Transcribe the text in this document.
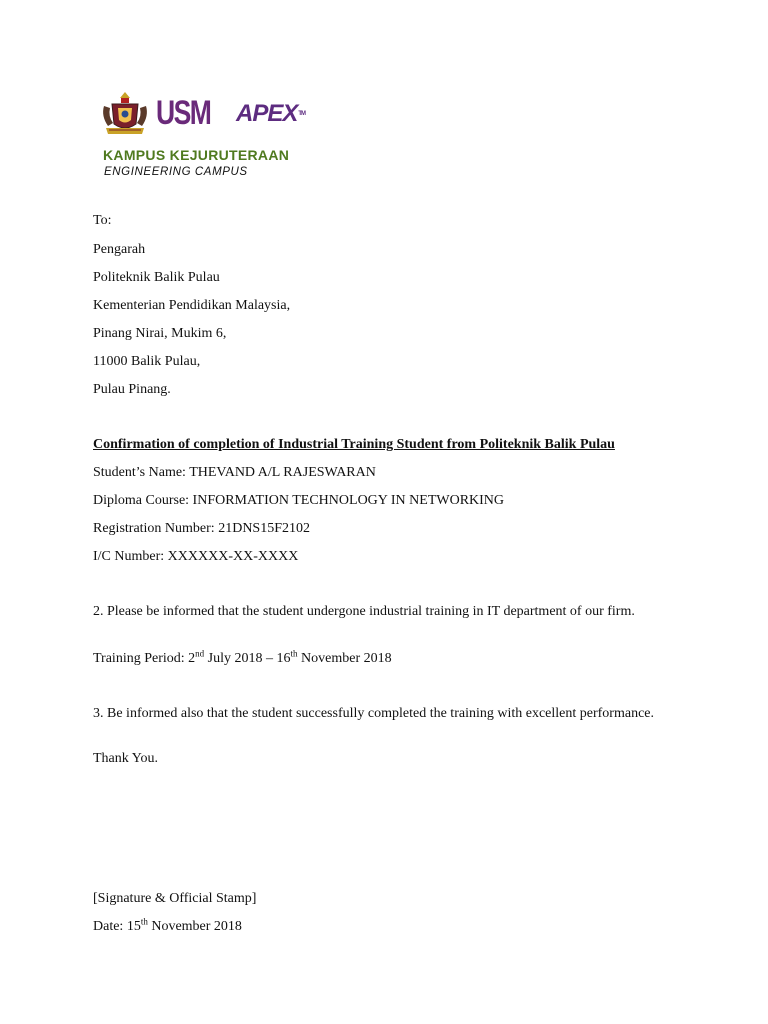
USM APEX™
KAMPUS KEJURUTERAAN
ENGINEERING CAMPUS
To:
Pengarah
Politeknik Balik Pulau
Kementerian Pendidikan Malaysia,
Pinang Nirai, Mukim 6,
11000 Balik Pulau,
Pulau Pinang.
Confirmation of completion of Industrial Training Student from Politeknik Balik Pulau
Student’s Name: THEVAND A/L RAJESWARAN
Diploma Course: INFORMATION TECHNOLOGY IN NETWORKING
Registration Number: 21DNS15F2102
I/C Number: XXXXXX-XX-XXXX
2. Please be informed that the student undergone industrial training in IT department of our firm.
Training Period: 2nd July 2018 – 16th November 2018
3. Be informed also that the student successfully completed the training with excellent performance.
Thank You.
[Signature & Official Stamp]
Date: 15th November 2018
